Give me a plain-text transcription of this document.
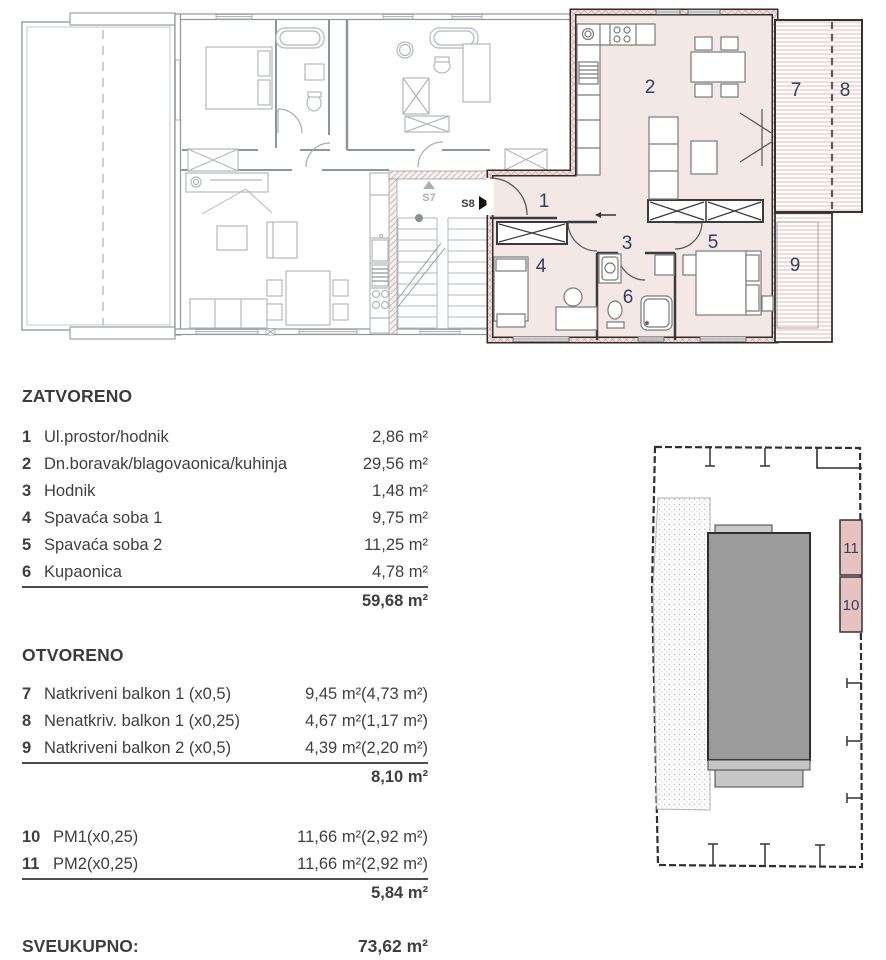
S7 S8	1
2
3
4
5
6
7 8
9
ZATVORENO
1 Ul.prostor/hodnik	2,86 m²
2 Dn.boravak/blagovaonica/kuhinja	29,56 m²
3 Hodnik	1,48 m²
4 Spavaća soba 1	9,75 m²
5 Spavaća soba 2	11,25 m²
6 Kupaonica	4,78 m²
59,68 m²
OTVORENO
7 Natkriveni balkon 1 (x0,5)	9,45 m²(4,73 m²)
8 Nenatkriv. balkon 1 (x0,25)	4,67 m²(1,17 m²)
9 Natkriveni balkon 2 (x0,5)	4,39 m²(2,20 m²)
8,10 m²
10 PM1(x0,25)	11,66 m²(2,92 m²)
11 PM2(x0,25)	11,66 m²(2,92 m²)
5,84 m²
SVEUKUPNO:	73,62 m²
11
10
